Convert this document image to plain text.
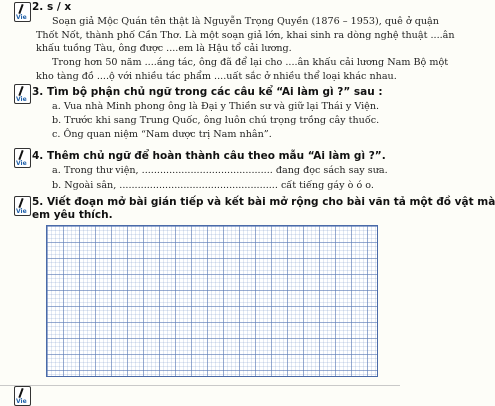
Vie
2. s / x
Soạn giả Mộc Quán tên thật là Nguyễn Trọng Quyền (1876 – 1953), quê ở quận
Thốt Nốt, thành phố Cần Thơ. Là một soạn giả lớn, khai sinh ra dòng nghệ thuật ....ân
khấu tuồng Tàu, ông được ....em là Hậu tổ cải lương.
Trong hơn 50 năm ....áng tác, ông đã để lại cho ....ân khấu cải lương Nam Bộ một
kho tàng đồ ....ộ với nhiều tác phẩm ....uất sắc ở nhiều thể loại khác nhau.
Vie
3. Tìm bộ phận chủ ngữ trong các câu kể “Ai làm gì ?” sau :
a. Vua nhà Minh phong ông là Đại y Thiền sư và giữ lại Thái y Viện.
b. Trước khi sang Trung Quốc, ông luôn chú trọng trồng cây thuốc.
c. Ông quan niệm “Nam dược trị Nam nhân”.
Vie
4. Thêm chủ ngữ để hoàn thành câu theo mẫu “Ai làm gì ?”.
a. Trong thư viện, ........................................... đang đọc sách say sưa.
b. Ngoài sân, .................................................... cất tiếng gáy ò ó o.
Vie
5. Viết đoạn mở bài gián tiếp và kết bài mở rộng cho bài văn tả một đồ vật mà
em yêu thích.
Vie
